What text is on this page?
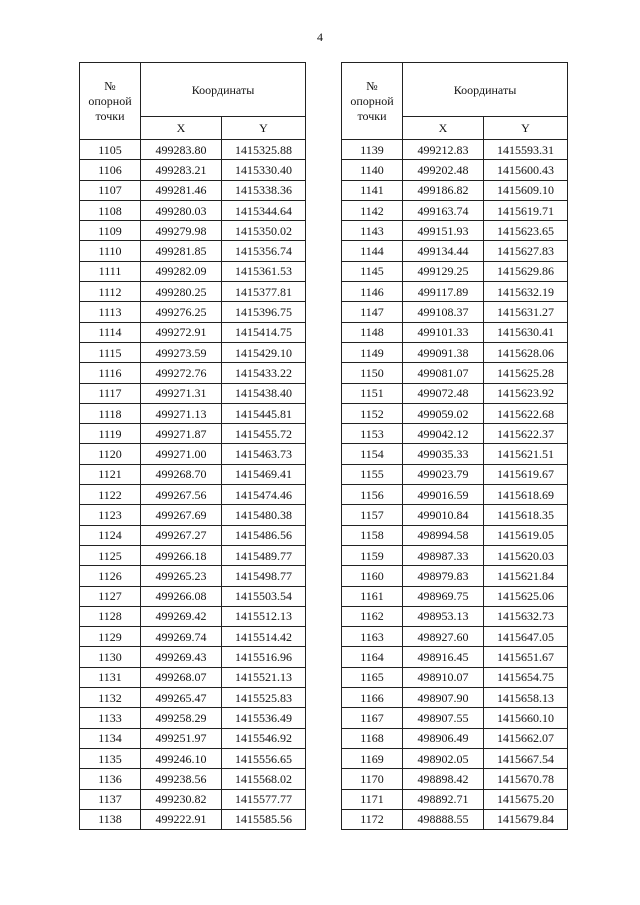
4
№
опорной
точки	Координаты	
	X	Y
1105	499283.80	1415325.88
1106	499283.21	1415330.40
1107	499281.46	1415338.36
1108	499280.03	1415344.64
1109	499279.98	1415350.02
1110	499281.85	1415356.74
1111	499282.09	1415361.53
1112	499280.25	1415377.81
1113	499276.25	1415396.75
1114	499272.91	1415414.75
1115	499273.59	1415429.10
1116	499272.76	1415433.22
1117	499271.31	1415438.40
1118	499271.13	1415445.81
1119	499271.87	1415455.72
1120	499271.00	1415463.73
1121	499268.70	1415469.41
1122	499267.56	1415474.46
1123	499267.69	1415480.38
1124	499267.27	1415486.56
1125	499266.18	1415489.77
1126	499265.23	1415498.77
1127	499266.08	1415503.54
1128	499269.42	1415512.13
1129	499269.74	1415514.42
1130	499269.43	1415516.96
1131	499268.07	1415521.13
1132	499265.47	1415525.83
1133	499258.29	1415536.49
1134	499251.97	1415546.92
1135	499246.10	1415556.65
1136	499238.56	1415568.02
1137	499230.82	1415577.77
1138	499222.91	1415585.56
№
опорной
точки	Координаты	
	X	Y
1139	499212.83	1415593.31
1140	499202.48	1415600.43
1141	499186.82	1415609.10
1142	499163.74	1415619.71
1143	499151.93	1415623.65
1144	499134.44	1415627.83
1145	499129.25	1415629.86
1146	499117.89	1415632.19
1147	499108.37	1415631.27
1148	499101.33	1415630.41
1149	499091.38	1415628.06
1150	499081.07	1415625.28
1151	499072.48	1415623.92
1152	499059.02	1415622.68
1153	499042.12	1415622.37
1154	499035.33	1415621.51
1155	499023.79	1415619.67
1156	499016.59	1415618.69
1157	499010.84	1415618.35
1158	498994.58	1415619.05
1159	498987.33	1415620.03
1160	498979.83	1415621.84
1161	498969.75	1415625.06
1162	498953.13	1415632.73
1163	498927.60	1415647.05
1164	498916.45	1415651.67
1165	498910.07	1415654.75
1166	498907.90	1415658.13
1167	498907.55	1415660.10
1168	498906.49	1415662.07
1169	498902.05	1415667.54
1170	498898.42	1415670.78
1171	498892.71	1415675.20
1172	498888.55	1415679.84
